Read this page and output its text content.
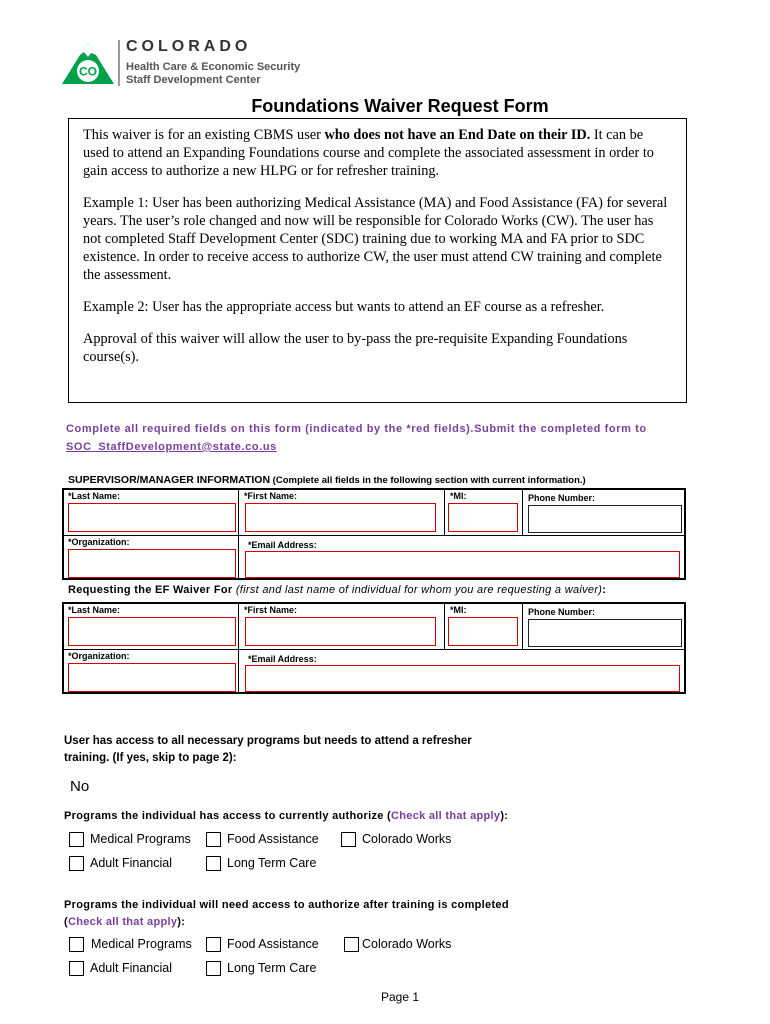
CO
COLORADO
Health Care & Economic Security
Staff Development Center
Foundations Waiver Request Form

This waiver is for an existing CBMS user who does not have an End Date on their ID. It can be used to attend an Expanding Foundations course and complete the associated assessment in order to gain access to authorize a new HLPG or for refresher training.

Example 1: User has been authorizing Medical Assistance (MA) and Food Assistance (FA) for several years. The user’s role changed and now will be responsible for Colorado Works (CW). The user has not completed Staff Development Center (SDC) training due to working MA and FA prior to SDC existence. In order to receive access to authorize CW, the user must attend CW training and complete the assessment.

Example 2: User has the appropriate access but wants to attend an EF course as a refresher.

Approval of this waiver will allow the user to by-pass the pre-requisite Expanding Foundations course(s).

Complete all required fields on this form (indicated by the *red fields).Submit the completed form to
SOC_StaffDevelopment@state.co.us
SUPERVISOR/MANAGER INFORMATION (Complete all fields in the following section with current information.)
*Last Name:	*First Name:	*MI:	Phone Number:
*Organization:	*Email Address:
Requesting the EF Waiver For (first and last name of individual for whom you are requesting a waiver):
*Last Name:	*First Name:	*MI:	Phone Number:
*Organization:	*Email Address:
User has access to all necessary programs but needs to attend a refresher
training. (If yes, skip to page 2):
No
Programs the individual has access to currently authorize (Check all that apply):
Medical Programs	Food Assistance	Colorado Works
Adult Financial	Long Term Care
Programs the individual will need access to authorize after training is completed
(Check all that apply):
Medical Programs	Food Assistance	Colorado Works
Adult Financial	Long Term Care
Page 1
